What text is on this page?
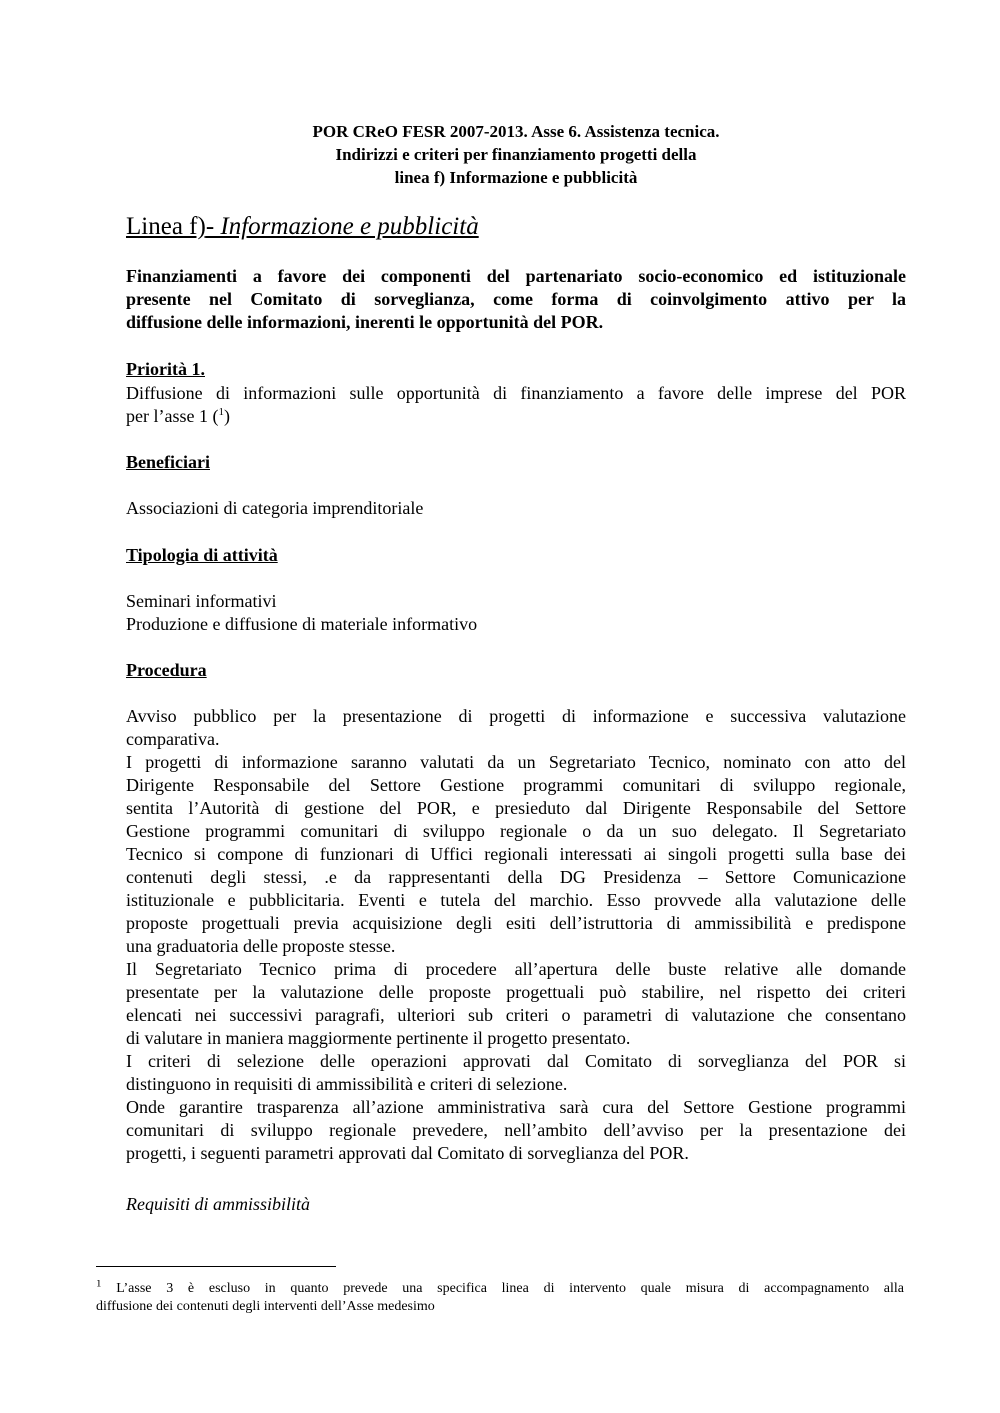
POR CReO FESR 2007-2013. Asse 6. Assistenza tecnica.
Indirizzi e criteri per finanziamento progetti della
linea f) Informazione e pubblicità
Linea f)- Informazione e pubblicità
Finanziamenti a favore dei componenti del partenariato socio-economico ed istituzionale
presente nel Comitato di sorveglianza, come forma di coinvolgimento attivo per la
diffusione delle informazioni, inerenti le opportunità del POR.
Priorità 1.
Diffusione di informazioni sulle opportunità di finanziamento a favore delle imprese del POR
per l’asse 1 ($^1$)
Beneficiari
Associazioni di categoria imprenditoriale
Tipologia di attività
Seminari informativi
Produzione e diffusione di materiale informativo
Procedura
Avviso pubblico per la presentazione di progetti di informazione e successiva valutazione
comparativa.
I progetti di informazione saranno valutati da un Segretariato Tecnico, nominato con atto del
Dirigente Responsabile del Settore Gestione programmi comunitari di sviluppo regionale,
sentita l’Autorità di gestione del POR, e presieduto dal Dirigente Responsabile del Settore
Gestione programmi comunitari di sviluppo regionale o da un suo delegato. Il Segretariato
Tecnico si compone di funzionari di Uffici regionali interessati ai singoli progetti sulla base dei
contenuti degli stessi, .e da rappresentanti della DG Presidenza – Settore Comunicazione
istituzionale e pubblicitaria. Eventi e tutela del marchio. Esso provvede alla valutazione delle
proposte progettuali previa acquisizione degli esiti dell’istruttoria di ammissibilità e predispone
una graduatoria delle proposte stesse.
Il Segretariato Tecnico prima di procedere all’apertura delle buste relative alle domande
presentate per la valutazione delle proposte progettuali può stabilire, nel rispetto dei criteri
elencati nei successivi paragrafi, ulteriori sub criteri o parametri di valutazione che consentano
di valutare in maniera maggiormente pertinente il progetto presentato.
I criteri di selezione delle operazioni approvati dal Comitato di sorveglianza del POR si
distinguono in requisiti di ammissibilità e criteri di selezione.
Onde garantire trasparenza all’azione amministrativa sarà cura del Settore Gestione programmi
comunitari di sviluppo regionale prevedere, nell’ambito dell’avviso per la presentazione dei
progetti, i seguenti parametri approvati dal Comitato di sorveglianza del POR.
Requisiti di ammissibilità
$^1$ L’asse 3 è escluso in quanto prevede una specifica linea di intervento quale misura di accompagnamento alla
diffusione dei contenuti degli interventi dell’Asse medesimo
